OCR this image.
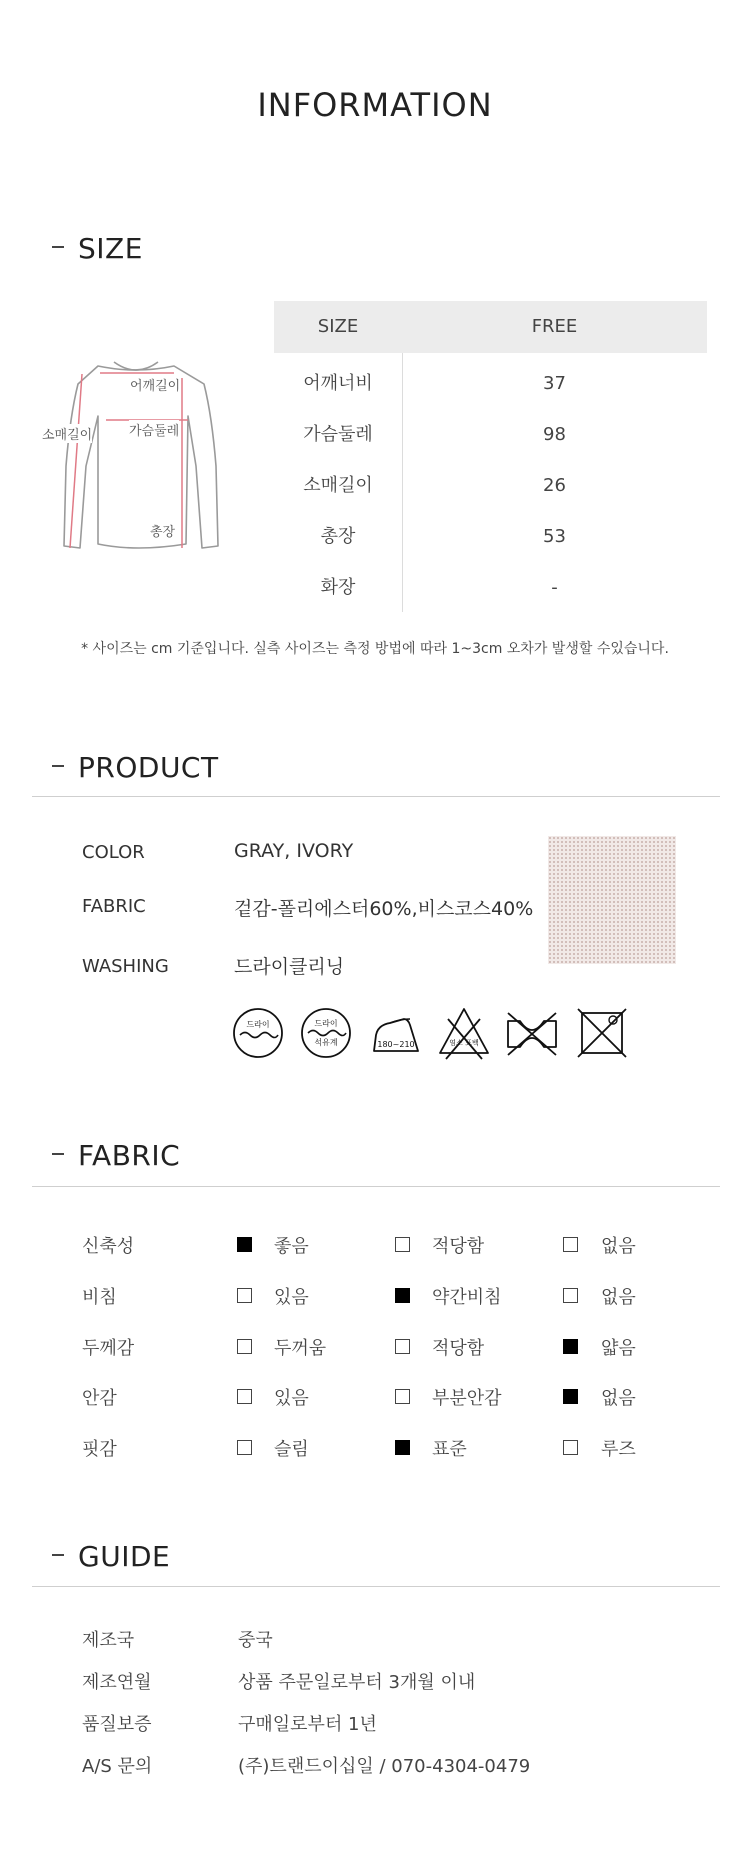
INFORMATION
SIZE
어깨길이
가슴둘레
소매길이
총장
SIZE	FREE
어깨너비	37
가슴둘레	98
소매길이	26
총장	53
화장	-
* 사이즈는 cm 기준입니다. 실측 사이즈는 측정 방법에 따라 1~3cm 오차가 발생할 수있습니다.
PRODUCT
COLOR	GRAY, IVORY
FABRIC	겉감-폴리에스터60%,비스코스40%
WASHING	드라이클리닝
드라이	드라이
석유계	180~210	염소 표백
FABRIC
신축성	좋음	적당함	없음
비침	있음	약간비침	없음
두께감	두꺼움	적당함	얇음
안감	있음	부분안감	없음
핏감	슬림	표준	루즈
GUIDE
제조국	중국
제조연월	상품 주문일로부터 3개월 이내
품질보증	구매일로부터 1년
A/S 문의	(주)트랜드이십일 / 070-4304-0479
